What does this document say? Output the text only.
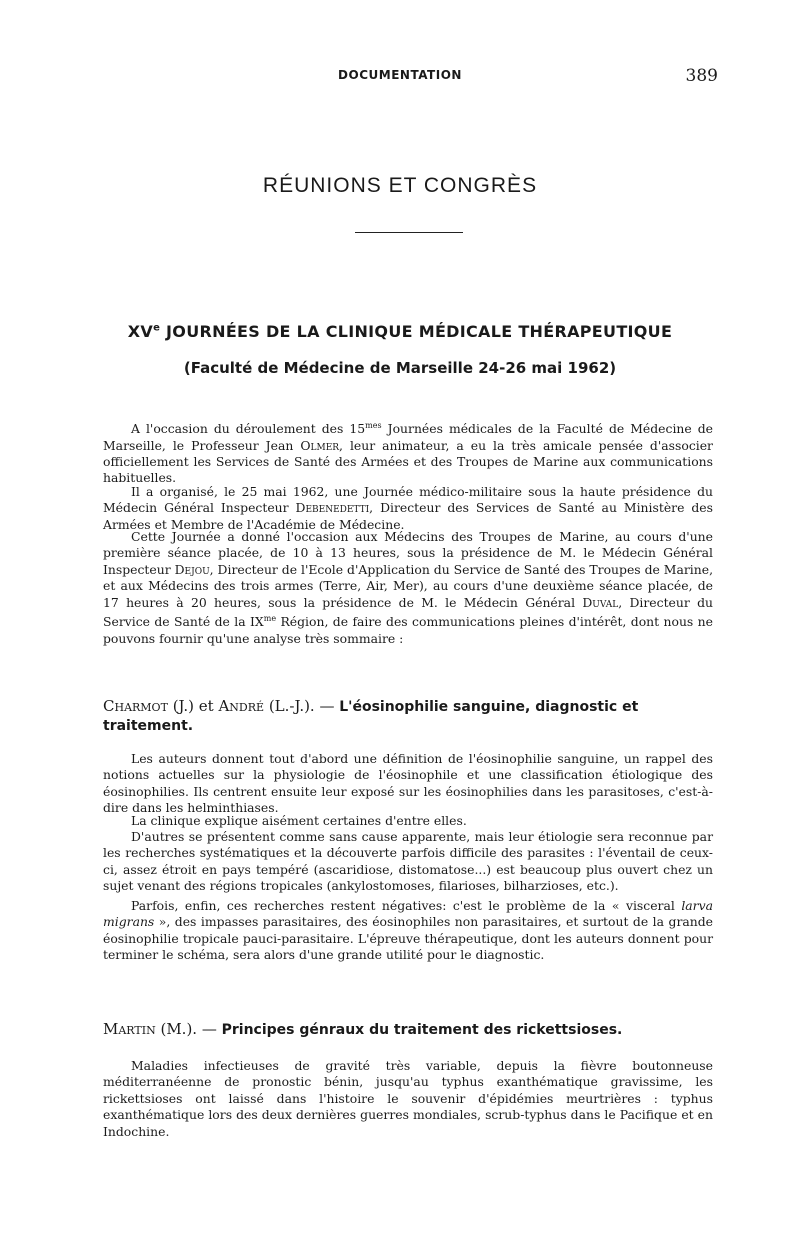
DOCUMENTATION	389
RÉUNIONS ET CONGRÈS
XVe JOURNÉES DE LA CLINIQUE MÉDICALE THÉRAPEUTIQUE
(Faculté de Médecine de Marseille 24-26 mai 1962)

A l'occasion du déroulement des $15^{mes}$ Journées médicales de la Faculté de Médecine de Marseille, le Professeur Jean Olmer, leur animateur, a eu la très amicale pensée d'associer officiellement les Services de Santé des Armées et des Troupes de Marine aux communications habituelles.

Il a organisé, le 25 mai 1962, une Journée médico-militaire sous la haute présidence du Médecin Général Inspecteur Debenedetti, Directeur des Services de Santé au Ministère des Armées et Membre de l'Académie de Médecine.

Cette Journée a donné l'occasion aux Médecins des Troupes de Marine, au cours d'une première séance placée, de 10 à 13 heures, sous la présidence de M. le Médecin Général Inspecteur Dejou, Directeur de l'Ecole d'Application du Service de Santé des Troupes de Marine, et aux Médecins des trois armes (Terre, Air, Mer), au cours d'une deuxième séance placée, de 17 heures à 20 heures, sous la présidence de M. le Médecin Général Duval, Directeur du Service de Santé de la $IX^{me}$ Région, de faire des communications pleines d'intérêt, dont nous ne pouvons fournir qu'une analyse très sommaire :

Charmot (J.) et André (L.-J.). — L'éosinophilie sanguine, diagnostic et traitement.

Les auteurs donnent tout d'abord une définition de l'éosinophilie sanguine, un rappel des notions actuelles sur la physiologie de l'éosinophile et une classification étiologique des éosinophilies. Ils centrent ensuite leur exposé sur les éosinophilies dans les parasitoses, c'est-à-dire dans les helminthiases.

La clinique explique aisément certaines d'entre elles.

D'autres se présentent comme sans cause apparente, mais leur étiologie sera reconnue par les recherches systématiques et la découverte parfois difficile des parasites : l'éventail de ceux-ci, assez étroit en pays tempéré (ascaridiose, distomatose...) est beaucoup plus ouvert chez un sujet venant des régions tropicales (ankylostomoses, filarioses, bilharzioses, etc.).

Parfois, enfin, ces recherches restent négatives: c'est le problème de la « visceral larva migrans », des impasses parasitaires, des éosinophiles non parasitaires, et surtout de la grande éosinophilie tropicale pauci-parasitaire. L'épreuve thérapeutique, dont les auteurs donnent pour terminer le schéma, sera alors d'une grande utilité pour le diagnostic.

Martin (M.). — Principes génraux du traitement des rickettsioses.

Maladies infectieuses de gravité très variable, depuis la fièvre boutonneuse méditerranéenne de pronostic bénin, jusqu'au typhus exanthématique gravissime, les rickettsioses ont laissé dans l'histoire le souvenir d'épidémies meurtrières : typhus exanthématique lors des deux dernières guerres mondiales, scrub-typhus dans le Pacifique et en Indochine.
